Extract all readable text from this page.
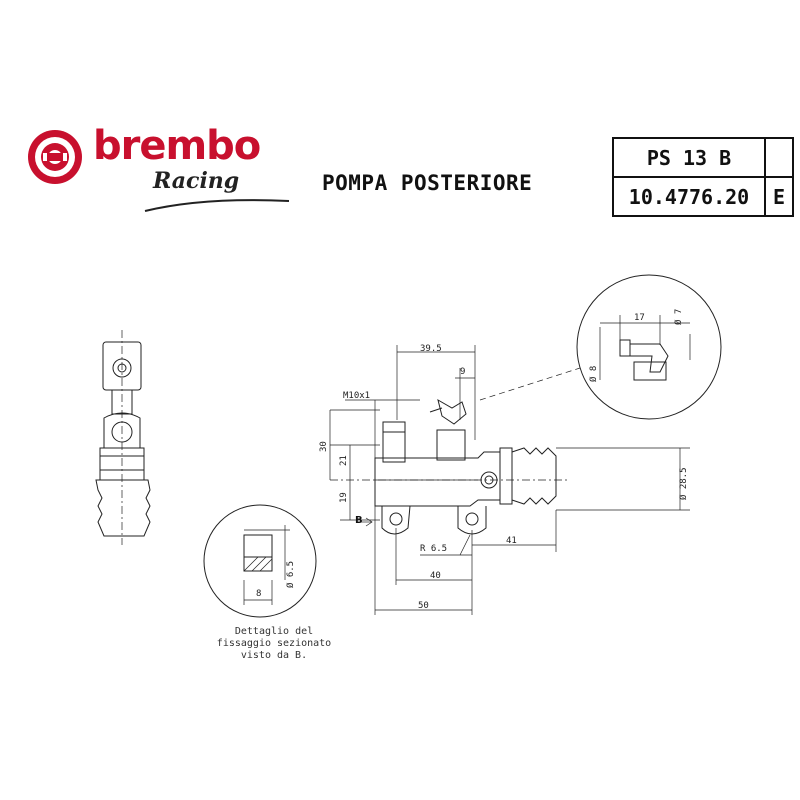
brembo
Racing	POMPA POSTERIORE
PS 13 B	
10.4776.20	E
39.5
9
M10x1
30
21
19	Ø 28.5
R 6.5
41
40
50
B
17	Ø 7
Ø 8
8
Ø 6.5
Dettaglio del
fissaggio sezionato
visto da B.
